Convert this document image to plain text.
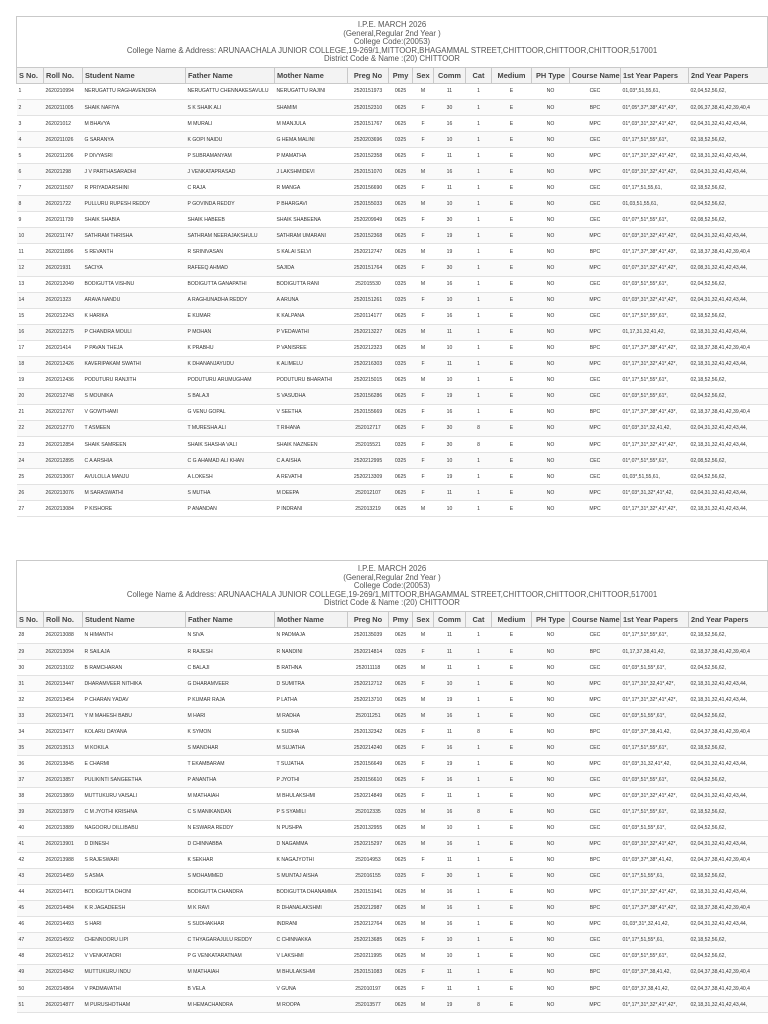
I.P.E. MARCH 2026
(General,Regular 2nd Year )
College Code:(20053)
College Name & Address: ARUNAACHALA JUNIOR COLLEGE,19-269/1,MITTOOR,BHAGAMMAL STREET,CHITTOOR,CHITTOOR,CHITTOOR,517001
District Code & Name :(20) CHITTOOR
S No.	Roll No.	Student Name	Father Name	Mother Name	Preg No	Pmy	Sex	Comm	Cat	Medium	PH Type	Course Name	1st Year Papers	2nd Year Papers
1	2620210994	NERUGATTU RAGHAVENDRA	NERUGATTU CHENNAKESAVULU	NERUGATTU RAJINI	2520151973	0625	M	11	1	E	NO	CEC	01,03*,51,55,61,	02,04,52,56,62,
2	2620211005	SHAIK NAFIYA	S K SHAIK ALI	SHAMIM	2520152310	0625	F	30	1	E	NO	BPC	01*,05*,37*,38*,41*,43*,	02,06,37,38,41,42,39,40,4
3	262021012	M BHAVYA	M MURALI	M MANJULA	2520151767	0625	F	16	1	E	NO	MPC	01*,03*,31*,32*,41*,42*,	02,04,31,32,41,42,43,44,
4	2620211026	G SARANYA	K GOPI NAIDU	G HEMA MALINI	2520203696	0325	F	10	1	E	NO	CEC	01*,17*,51*,55*,61*,	02,18,52,56,62,
5	2620211206	P DIVYASRI	P SUBRAMANYAM	P MAMATHA	2520152358	0625	F	11	1	E	NO	MPC	01*,17*,31*,32*,41*,42*,	02,18,31,32,41,42,43,44,
6	262021298	J V PARTHASARADHI	J VENKATAPRASAD	J LAKSHMIDEVI	2520151070	0625	M	16	1	E	NO	MPC	01*,03*,31*,32*,41*,42*,	02,04,31,32,41,42,43,44,
7	2620211507	R PRIYADARSHINI	C RAJA	R MANGA	2520156690	0625	F	11	1	E	NO	CEC	01*,17*,51,55,61,	02,18,52,56,62,
8	262021722	PULLURU RUPESH REDDY	P GOVINDA REDDY	P BHARGAVI	2520155033	0625	M	10	1	E	NO	CEC	01,03,51,55,61,	02,04,52,56,62,
9	2620211739	SHAIK SHABIA	SHAIK HABEEB	SHAIK SHABEENA	2520209949	0625	F	30	1	E	NO	CEC	01*,07*,51*,55*,61*,	02,08,52,56,62,
10	2620211747	SATHRAM THRISHA	SATHRAM NEERAJAKSHULU	SATHRAM UMARANI	2520152368	0625	F	19	1	E	NO	MPC	01*,03*,31*,32*,41*,42*,	02,04,31,32,41,42,43,44,
11	2620211896	S REVANTH	R SRINIVASAN	S KALAI SELVI	2520212747	0625	M	19	1	E	NO	BPC	01*,17*,37*,38*,41*,43*,	02,18,37,38,41,42,39,40,4
12	262021931	SACIYA	RAFEEQ AHMAD	SAJIDA	2520151764	0625	F	30	1	E	NO	MPC	01*,07*,31*,32*,41*,42*,	02,08,31,32,41,42,43,44,
13	2620212049	BODIGUTTA VISHNU	BODIGUTTA GANAPATHI	BODIGUTTA RANI	252015530	0325	M	16	1	E	NO	CEC	01*,03*,51*,55*,61*,	02,04,52,56,62,
14	262021323	ARAVA NANDU	A RAGHUNADHA REDDY	A ARUNA	2520151261	0325	F	10	1	E	NO	MPC	01*,03*,31*,32*,41*,42*,	02,04,31,32,41,42,43,44,
15	2620212243	K HARIKA	E KUMAR	K KALPANA	2520114177	0625	F	16	1	E	NO	CEC	01*,17*,51*,55*,61*,	02,18,52,56,62,
16	2620212275	P CHANDRA MOULI	P MOHAN	P VEDAVATHI	2520213227	0625	M	11	1	E	NO	MPC	01,17,31,32,41,42,	02,18,31,32,41,42,43,44,
17	262021414	P PAVAN THEJA	K PRABHU	P VANISREE	2520212323	0625	M	10	1	E	NO	BPC	01*,17*,37*,38*,41*,42*,	02,18,37,38,41,42,39,40,4
18	2620212426	KAVERIPAKAM SWATHI	K DHANANJAYUDU	K ALIMELU	2520216303	0325	F	11	1	E	NO	MPC	01*,17*,31*,32*,41*,42*,	02,18,31,32,41,42,43,44,
19	2620212436	PODUTURU RANJITH	PODUTURU ARUMUGHAM	PODUTURU BHARATHI	2520215015	0625	M	10	1	E	NO	CEC	01*,17*,51*,55*,61*,	02,18,52,56,62,
20	2620212748	S MOUNIKA	S BALAJI	S VASUDHA	2520156286	0625	F	19	1	E	NO	CEC	01*,03*,51*,55*,61*,	02,04,52,56,62,
21	2620212767	V GOWTHAMI	G VENU GOPAL	V SEETHA	2520155669	0625	F	16	1	E	NO	BPC	01*,17*,37*,38*,41*,43*,	02,18,37,38,41,42,39,40,4
22	2620212770	T ASMEEN	T MURESHA ALI	T RIHANA	252012717	0625	F	30	8	E	NO	MPC	01*,03*,31*,32,41,42,	02,04,31,32,41,42,43,44,
23	2620212854	SHAIK SAMREEN	SHAIK SHASHA VALI	SHAIK NAZNEEN	252015521	0325	F	30	8	E	NO	MPC	01*,17*,31*,32*,41*,42*,	02,18,31,32,41,42,43,44,
24	2620212895	C A ARSHIA	C G AHAMAD ALI KHAN	C A AISHA	2520212995	0325	F	10	1	E	NO	CEC	01*,07*,51*,55*,61*,	02,08,52,56,62,
25	2620213067	AVULOLLA MANJU	A LOKESH	A REVATHI	2520213309	0625	F	19	1	E	NO	CEC	01,03*,51,55,61,	02,04,52,56,62,
26	2620213076	M SARASWATHI	S MUTHA	M DEEPA	252012107	0625	F	11	1	E	NO	MPC	01*,03*,31,32*,41*,42,	02,04,31,32,41,42,43,44,
27	2620213084	P KISHORE	P ANANDAN	P INDRANI	252013219	0625	M	10	1	E	NO	MPC	01*,17*,31*,32*,41*,42*,	02,18,31,32,41,42,43,44,
I.P.E. MARCH 2026
(General,Regular 2nd Year )
College Code:(20053)
College Name & Address: ARUNAACHALA JUNIOR COLLEGE,19-269/1,MITTOOR,BHAGAMMAL STREET,CHITTOOR,CHITTOOR,CHITTOOR,517001
District Code & Name :(20) CHITTOOR
S No.	Roll No.	Student Name	Father Name	Mother Name	Preg No	Pmy	Sex	Comm	Cat	Medium	PH Type	Course Name	1st Year Papers	2nd Year Papers
28	2620213088	N HIMANTH	N SIVA	N PADMAJA	2520135039	0625	M	11	1	E	NO	CEC	01*,17*,51*,55*,61*,	02,18,52,56,62,
29	2620213094	R SAILAJA	R RAJESH	R NANDINI	2520214814	0325	F	11	1	E	NO	BPC	01,17,37,38,41,42,	02,18,37,38,41,42,39,40,4
30	2620213102	B RAMCHARAN	C BALAJI	B RATHNA	252011118	0625	M	11	1	E	NO	CEC	01*,03*,51,55*,61*,	02,04,52,56,62,
31	2620213447	DHARAMVEER NITHIKA	G DHARAMVEER	D SUMITRA	2520212712	0625	F	10	1	E	NO	MPC	01*,17*,31*,32,41*,42*,	02,18,31,32,41,42,43,44,
32	2620213454	P CHARAN YADAV	P KUMAR RAJA	P LATHA	2520213710	0625	M	19	1	E	NO	MPC	01*,17*,31*,32*,41*,42*,	02,18,31,32,41,42,43,44,
33	2620213471	Y M MAHESH BABU	M HARI	M RADHA	252011251	0625	M	16	1	E	NO	CEC	01*,03*,51,55*,61*,	02,04,52,56,62,
34	2620213477	KOLARU DAYANA	K SYMON	K SUDHA	2520132342	0625	F	11	8	E	NO	BPC	01*,03*,37*,38,41,42,	02,04,37,38,41,42,39,40,4
35	2620213513	M KOKILA	S MANOHAR	M SUJATHA	2520214240	0625	F	16	1	E	NO	CEC	01*,17*,51*,55*,61*,	02,18,52,56,62,
36	2620213845	E CHARMI	T EKAMBARAM	T SUJATHA	2520156649	0625	F	19	1	E	NO	MPC	01*,03*,31,32,41*,42,	02,04,31,32,41,42,43,44,
37	2620213857	PULIKINTI SANGEETHA	P ANANTHA	P JYOTHI	2520156610	0625	F	16	1	E	NO	CEC	01*,03*,51*,55*,61*,	02,04,52,56,62,
38	2620213869	MUTTUKURU VAISALI	M MATHAIAH	M BHULAKSHMI	2520214849	0625	F	11	1	E	NO	MPC	01*,03*,31*,32*,41*,42*,	02,04,31,32,41,42,43,44,
39	2620213879	C M JYOTHI KRISHNA	C S MANIKANDAN	P S SYAMILI	252012335	0325	M	16	8	E	NO	CEC	01*,17*,51*,55*,61*,	02,18,52,56,62,
40	2620213889	NAGOORU DILLIBABU	N ESWARA REDDY	N PUSHPA	2520132955	0625	M	10	1	E	NO	CEC	01*,03*,51,55*,61*,	02,04,52,56,62,
41	2620213901	D DINESH	D CHINNABBA	D NAGAMMA	2520215297	0625	M	16	1	E	NO	MPC	01*,03*,31*,32*,41*,42*,	02,04,31,32,41,42,43,44,
42	2620213988	S RAJESWARI	K SEKHAR	K NAGAJYOTHI	252014953	0625	F	11	1	E	NO	BPC	01*,03*,37*,38*,41,42,	02,04,37,38,41,42,39,40,4
43	2620214459	S ASMA	S MOHAMMED	S MUNTAJ AISHA	252016155	0325	F	30	1	E	NO	CEC	01*,17*,51,55*,61,	02,18,52,56,62,
44	2620214471	BODIGUTTA DHONI	BODIGUTTA CHANDRA	BODIGUTTA DHANAMMA	2520151941	0625	M	16	1	E	NO	MPC	01*,17*,31*,32*,41*,42*,	02,18,31,32,41,42,43,44,
45	2620214484	K R JAGADEESH	M K RAVI	R DHANALAKSHMI	2520212987	0625	M	16	1	E	NO	BPC	01*,17*,37*,38*,41*,42*,	02,18,37,38,41,42,39,40,4
46	2620214493	S HARI	S SUDHAKHAR	INDRANI	2520212764	0625	M	16	1	E	NO	MPC	01,03*,31*,32,41,42,	02,04,31,32,41,42,43,44,
47	2620214502	CHENNOORU LIPI	C THYAGARAJULU REDDY	C CHINNAKKA	2520213685	0625	F	10	1	E	NO	CEC	01*,17*,51,55*,61,	02,18,52,56,62,
48	2620214512	V VENKATADRI	P G VENKATARATNAM	V LAKSHMI	2520211995	0625	M	10	1	E	NO	CEC	01*,03*,51*,55*,61*,	02,04,52,56,62,
49	2620214842	MUTTUKURU INDU	M MATHAIAH	M BHULAKSHMI	2520151083	0625	F	11	1	E	NO	BPC	01*,03*,37*,38,41,42,	02,04,37,38,41,42,39,40,4
50	2620214864	V PADMAVATHI	B VELA	V GUNA	252010197	0625	F	11	1	E	NO	BPC	01*,03*,37,38,41,42,	02,04,37,38,41,42,39,40,4
51	2620214877	M PURUSHOTHAM	M HEMACHANDRA	M ROOPA	252013577	0625	M	19	8	E	NO	MPC	01*,17*,31*,32*,41*,42*,	02,18,31,32,41,42,43,44,
